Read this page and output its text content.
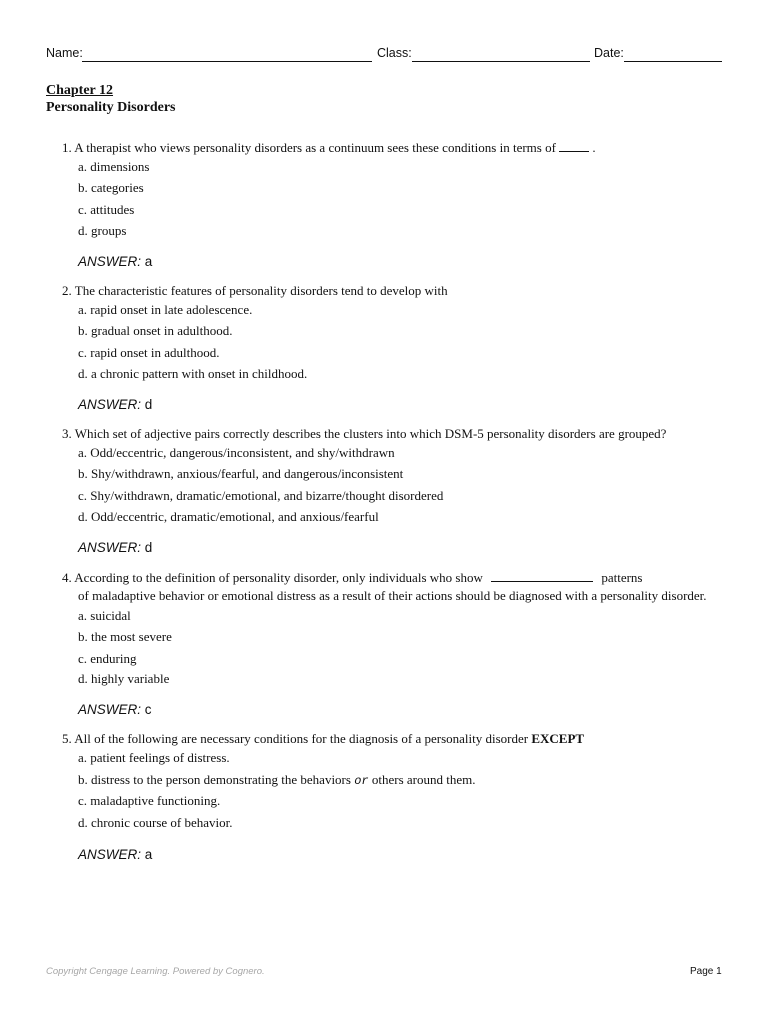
Name:	Class:	Date:
Chapter 12
Personality Disorders
1. A therapist who views personality disorders as a continuum sees these conditions in terms of	.
a. dimensions
b. categories
c. attitudes
d. groups
ANSWER: a
2. The characteristic features of personality disorders tend to develop with
a. rapid onset in late adolescence.
b. gradual onset in adulthood.
c. rapid onset in adulthood.
d. a chronic pattern with onset in childhood.
ANSWER: d
3. Which set of adjective pairs correctly describes the clusters into which DSM-5 personality disorders are grouped?
a. Odd/eccentric, dangerous/inconsistent, and shy/withdrawn
b. Shy/withdrawn, anxious/fearful, and dangerous/inconsistent
c. Shy/withdrawn, dramatic/emotional, and bizarre/thought disordered
d. Odd/eccentric, dramatic/emotional, and anxious/fearful
ANSWER: d
4. According to the definition of personality disorder, only individuals who show	patterns
of maladaptive behavior or emotional distress as a result of their actions should be diagnosed with a personality disorder.
a. suicidal
b. the most severe
c. enduring
d. highly variable
ANSWER: c
5. All of the following are necessary conditions for the diagnosis of a personality disorder EXCEPT
a. patient feelings of distress.
b. distress to the person demonstrating the behaviors or others around them.
c. maladaptive functioning.
d. chronic course of behavior.
ANSWER: a
Copyright Cengage Learning. Powered by Cognero.	Page 1
